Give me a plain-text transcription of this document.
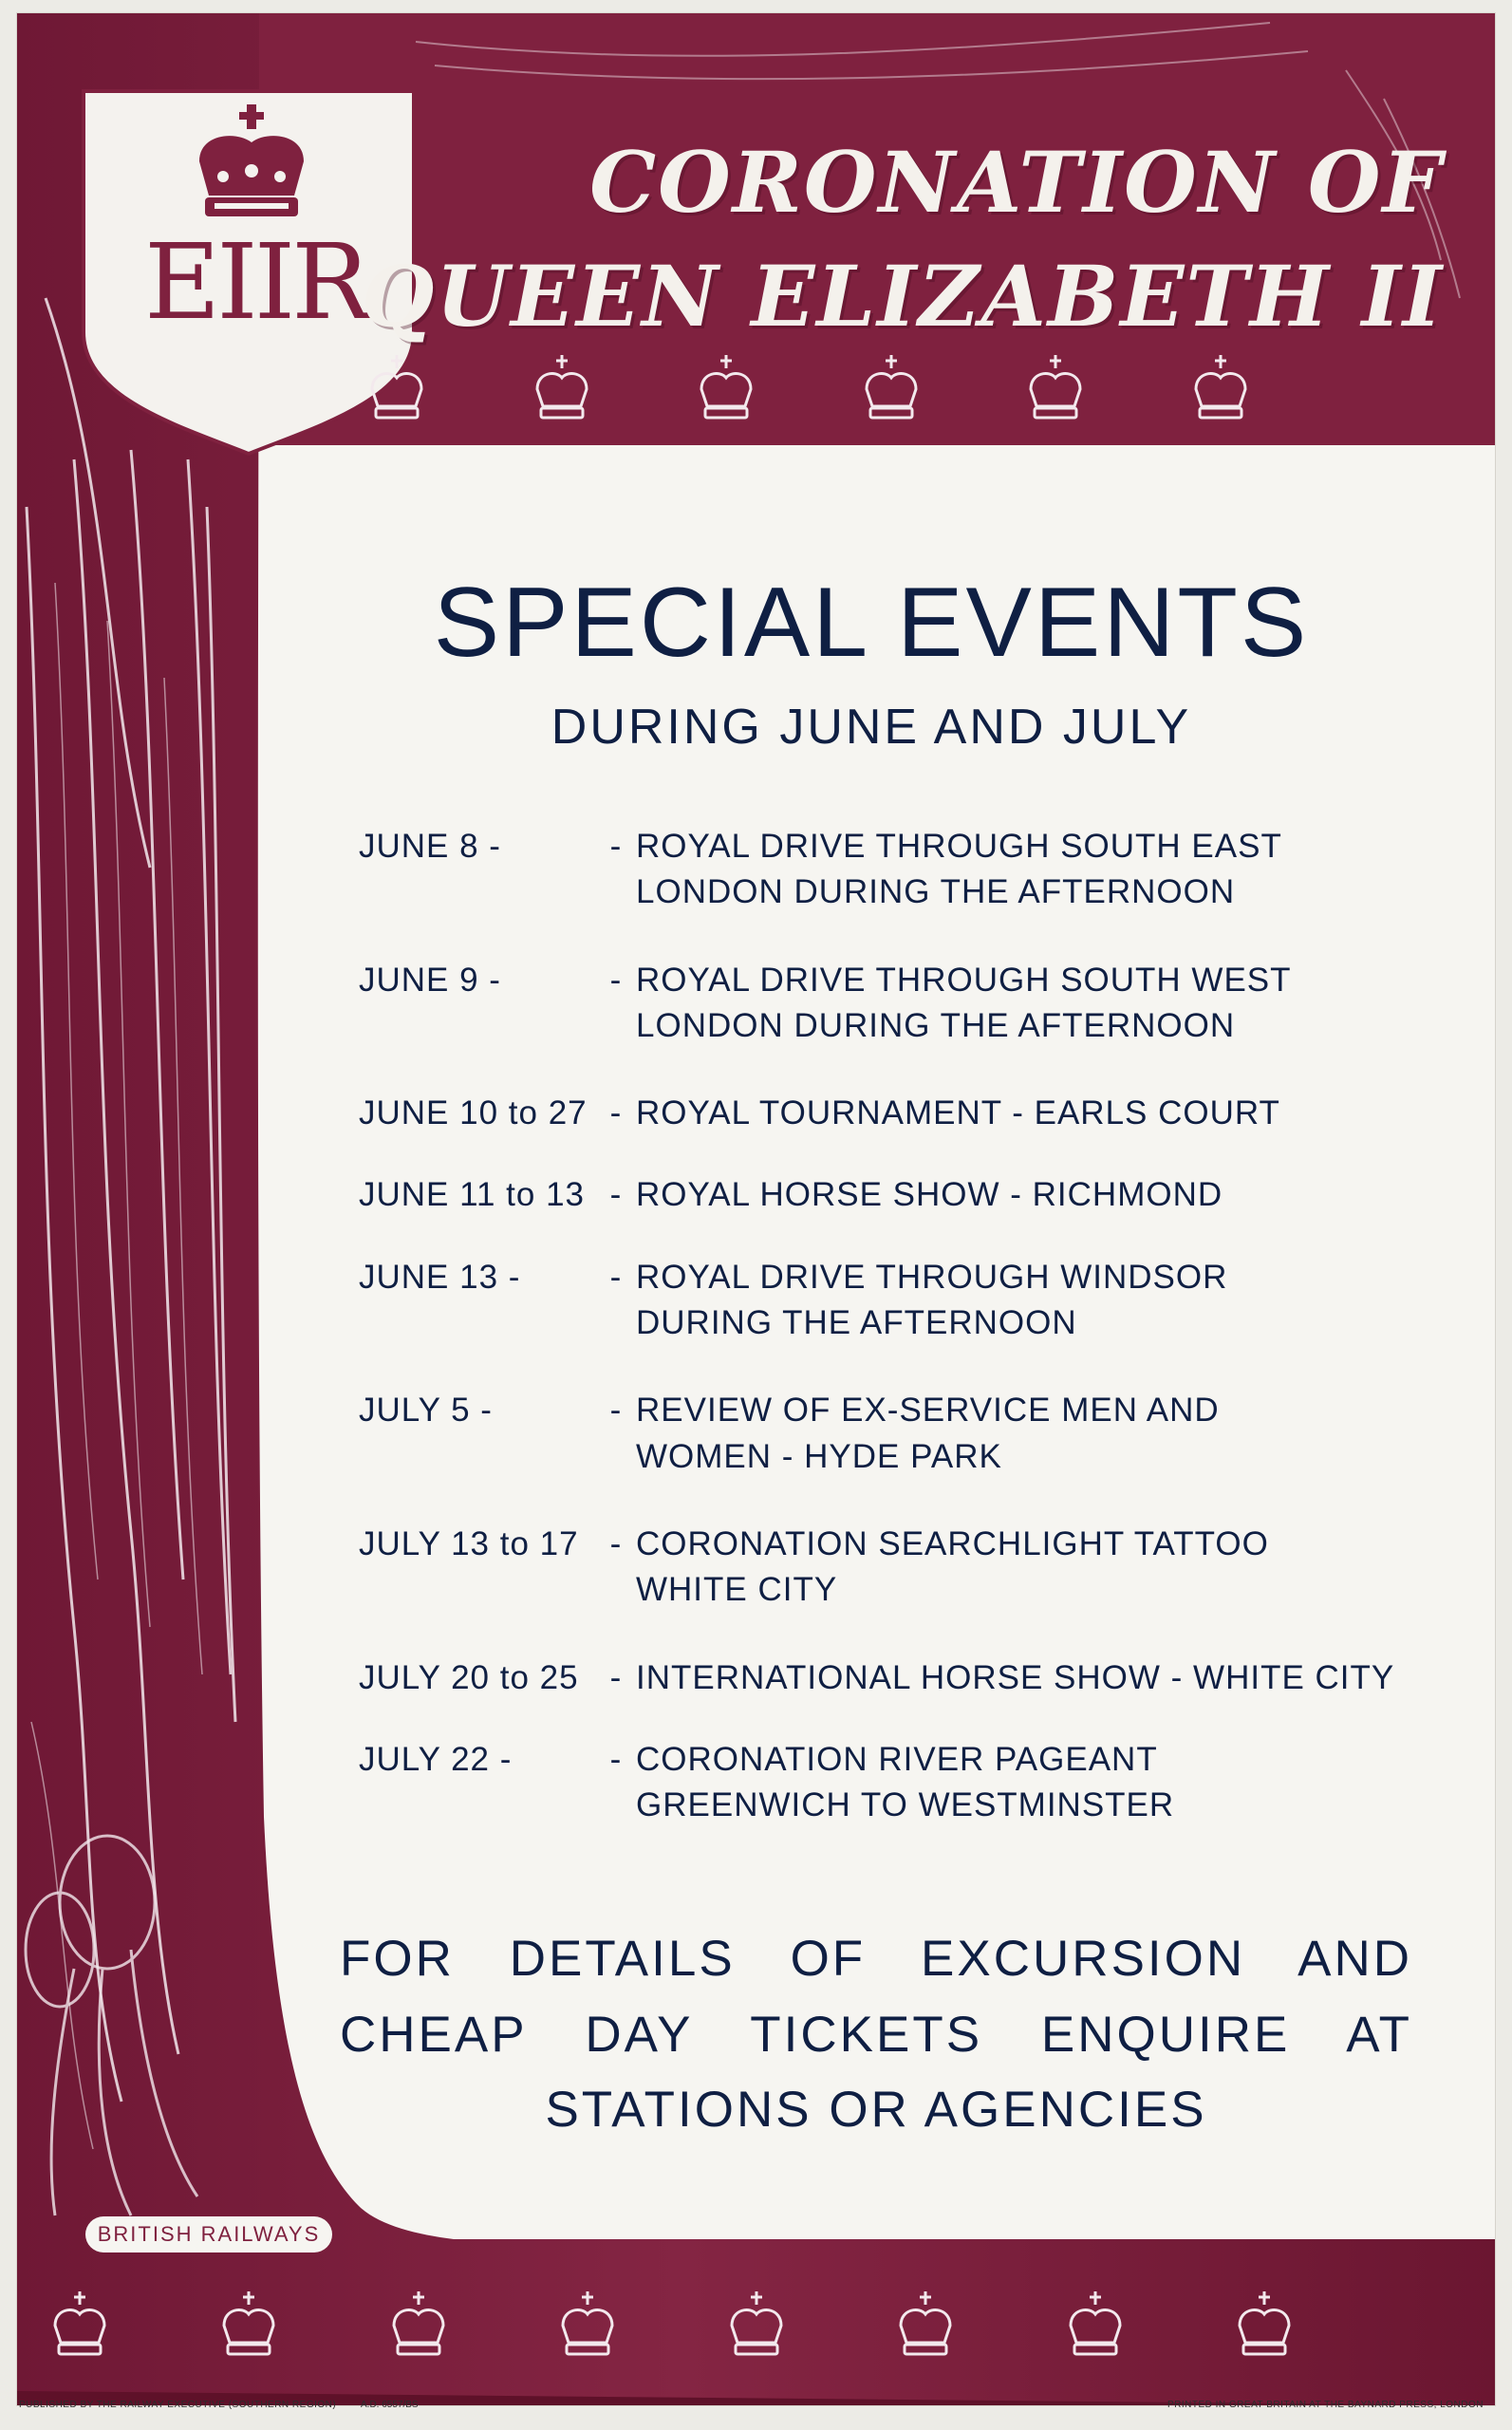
EIIR
CORONATION OF
QUEEN ELIZABETH II
SPECIAL EVENTS
DURING JUNE AND JULY
JUNE 8 -	- ROYAL DRIVE THROUGH SOUTH EAST
LONDON DURING THE AFTERNOON
JUNE 9 -	- ROYAL DRIVE THROUGH SOUTH WEST
LONDON DURING THE AFTERNOON
JUNE 10 to 27 - ROYAL TOURNAMENT - EARLS COURT
JUNE 11 to 13 - ROYAL HORSE SHOW - RICHMOND
JUNE 13 -	- ROYAL DRIVE THROUGH WINDSOR
DURING THE AFTERNOON
JULY 5 -	- REVIEW OF EX-SERVICE MEN AND
WOMEN - HYDE PARK
JULY 13 to 17 - CORONATION SEARCHLIGHT TATTOO
WHITE CITY
JULY 20 to 25 - INTERNATIONAL HORSE SHOW - WHITE CITY
JULY 22 -	- CORONATION RIVER PAGEANT
GREENWICH TO WESTMINSTER
FOR DETAILS OF EXCURSION AND
CHEAP DAY TICKETS ENQUIRE AT
STATIONS OR AGENCIES
BRITISH RAILWAYS
PUBLISHED BY THE RAILWAY EXECUTIVE (SOUTHERN REGION)	A.D. 6557/BS	PRINTED IN GREAT BRITAIN AT THE BAYNARD PRESS, LONDON
